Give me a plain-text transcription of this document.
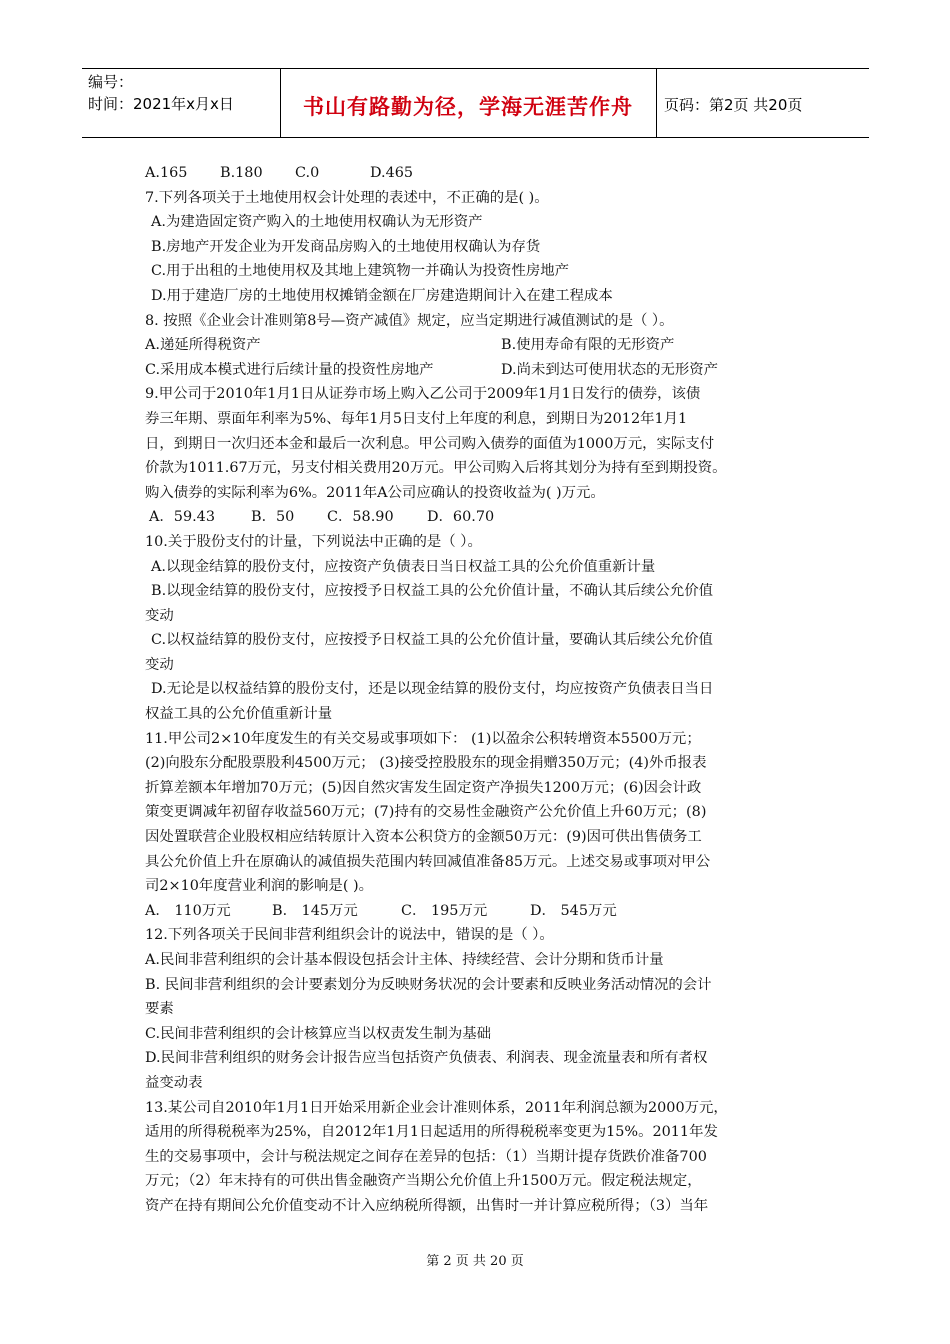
编号：
时间：2021年x月x日	书山有路勤为径，学海无涯苦作舟	页码：第2页 共20页
A.165 B.180 C.0	D.465
7.下列各项关于土地使用权会计处理的表述中，不正确的是( )。
A.为建造固定资产购入的土地使用权确认为无形资产
B.房地产开发企业为开发商品房购入的土地使用权确认为存货
C.用于出租的土地使用权及其地上建筑物一并确认为投资性房地产
D.用于建造厂房的土地使用权摊销金额在厂房建造期间计入在建工程成本
8. 按照《企业会计准则第8号—资产减值》规定，应当定期进行减值测试的是（ ）。
A.递延所得税资产	B.使用寿命有限的无形资产
C.采用成本模式进行后续计量的投资性房地产	D.尚未到达可使用状态的无形资产
9.甲公司于2010年1月1日从证券市场上购入乙公司于2009年1月1日发行的债券，该债
券三年期、票面年利率为5%、每年1月5日支付上年度的利息，到期日为2012年1月1
日，到期日一次归还本金和最后一次利息。甲公司购入债券的面值为1000万元，实际支付
价款为1011.67万元，另支付相关费用20万元。甲公司购入后将其划分为持有至到期投资。
购入债券的实际利率为6%。2011年A公司应确认的投资收益为( )万元。
A．59.43	B．50 C．58.90 D．60.70
10.关于股份支付的计量，下列说法中正确的是（ ）。
A.以现金结算的股份支付，应按资产负债表日当日权益工具的公允价值重新计量
B.以现金结算的股份支付，应按授予日权益工具的公允价值计量，不确认其后续公允价值
变动
C.以权益结算的股份支付，应按授予日权益工具的公允价值计量，要确认其后续公允价值
变动
D.无论是以权益结算的股份支付，还是以现金结算的股份支付，均应按资产负债表日当日
权益工具的公允价值重新计量
11.甲公司2×10年度发生的有关交易或事项如下： (1)以盈余公积转增资本5500万元；
(2)向股东分配股票股利4500万元； (3)接受控股股东的现金捐赠350万元；(4)外币报表
折算差额本年增加70万元；(5)因自然灾害发生固定资产净损失1200万元；(6)因会计政
策变更调减年初留存收益560万元；(7)持有的交易性金融资产公允价值上升60万元；(8)
因处置联营企业股权相应结转原计入资本公积贷方的金额50万元：(9)因可供出售债务工
具公允价值上升在原确认的减值损失范围内转回减值准备85万元。上述交易或事项对甲公
司2×10年度营业利润的影响是( )。
A． 110万元	B． 145万元	C． 195万元	D． 545万元
12.下列各项关于民间非营利组织会计的说法中，错误的是（ ）。
A.民间非营利组织的会计基本假设包括会计主体、持续经营、会计分期和货币计量
B. 民间非营利组织的会计要素划分为反映财务状况的会计要素和反映业务活动情况的会计
要素
C.民间非营利组织的会计核算应当以权责发生制为基础
D.民间非营利组织的财务会计报告应当包括资产负债表、利润表、现金流量表和所有者权
益变动表
13.某公司自2010年1月1日开始采用新企业会计准则体系，2011年利润总额为2000万元，
适用的所得税税率为25%，自2012年1月1日起适用的所得税税率变更为15%。2011年发
生的交易事项中，会计与税法规定之间存在差异的包括：（1）当期计提存货跌价准备700
万元；（2）年末持有的可供出售金融资产当期公允价值上升1500万元。假定税法规定，
资产在持有期间公允价值变动不计入应纳税所得额，出售时一并计算应税所得；（3）当年
第 2 页 共 20 页
